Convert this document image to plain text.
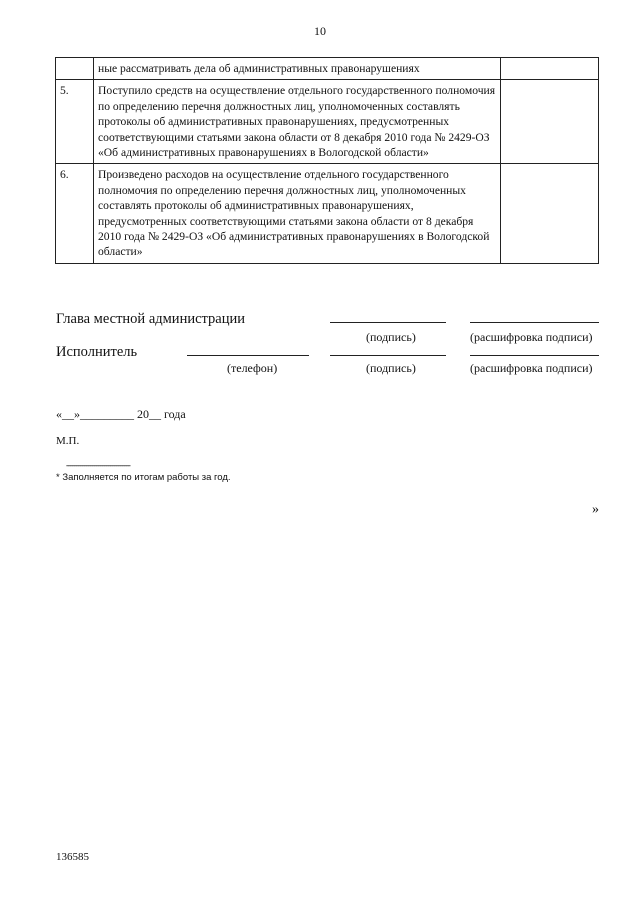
10
	ные рассматривать дела об административных правонарушениях	
5.	Поступило средств на осуществление отдельного государственного полномочия по определению перечня должностных лиц, уполномоченных составлять протоколы об административных правонарушениях, предусмотренных соответствующими статьями закона области от 8 декабря 2010 года № 2429-ОЗ «Об административных правонарушениях в Вологодской области»	
6.	Произведено расходов на осуществление отдельного государственного полномочия по определению перечня должностных лиц, уполномоченных составлять протоколы об административных правонарушениях, предусмотренных соответствующими статьями закона области от 8 декабря 2010 года № 2429-ОЗ «Об административных правонарушениях в Вологодской области»	
Глава местной администрации
(подпись)	(расшифровка подписи)
Исполнитель
(телефон)	(подпись)	(расшифровка подписи)
«__»_________ 20__ года
М.П.
--------------------------------
* Заполняется по итогам работы за год.
»
136585
